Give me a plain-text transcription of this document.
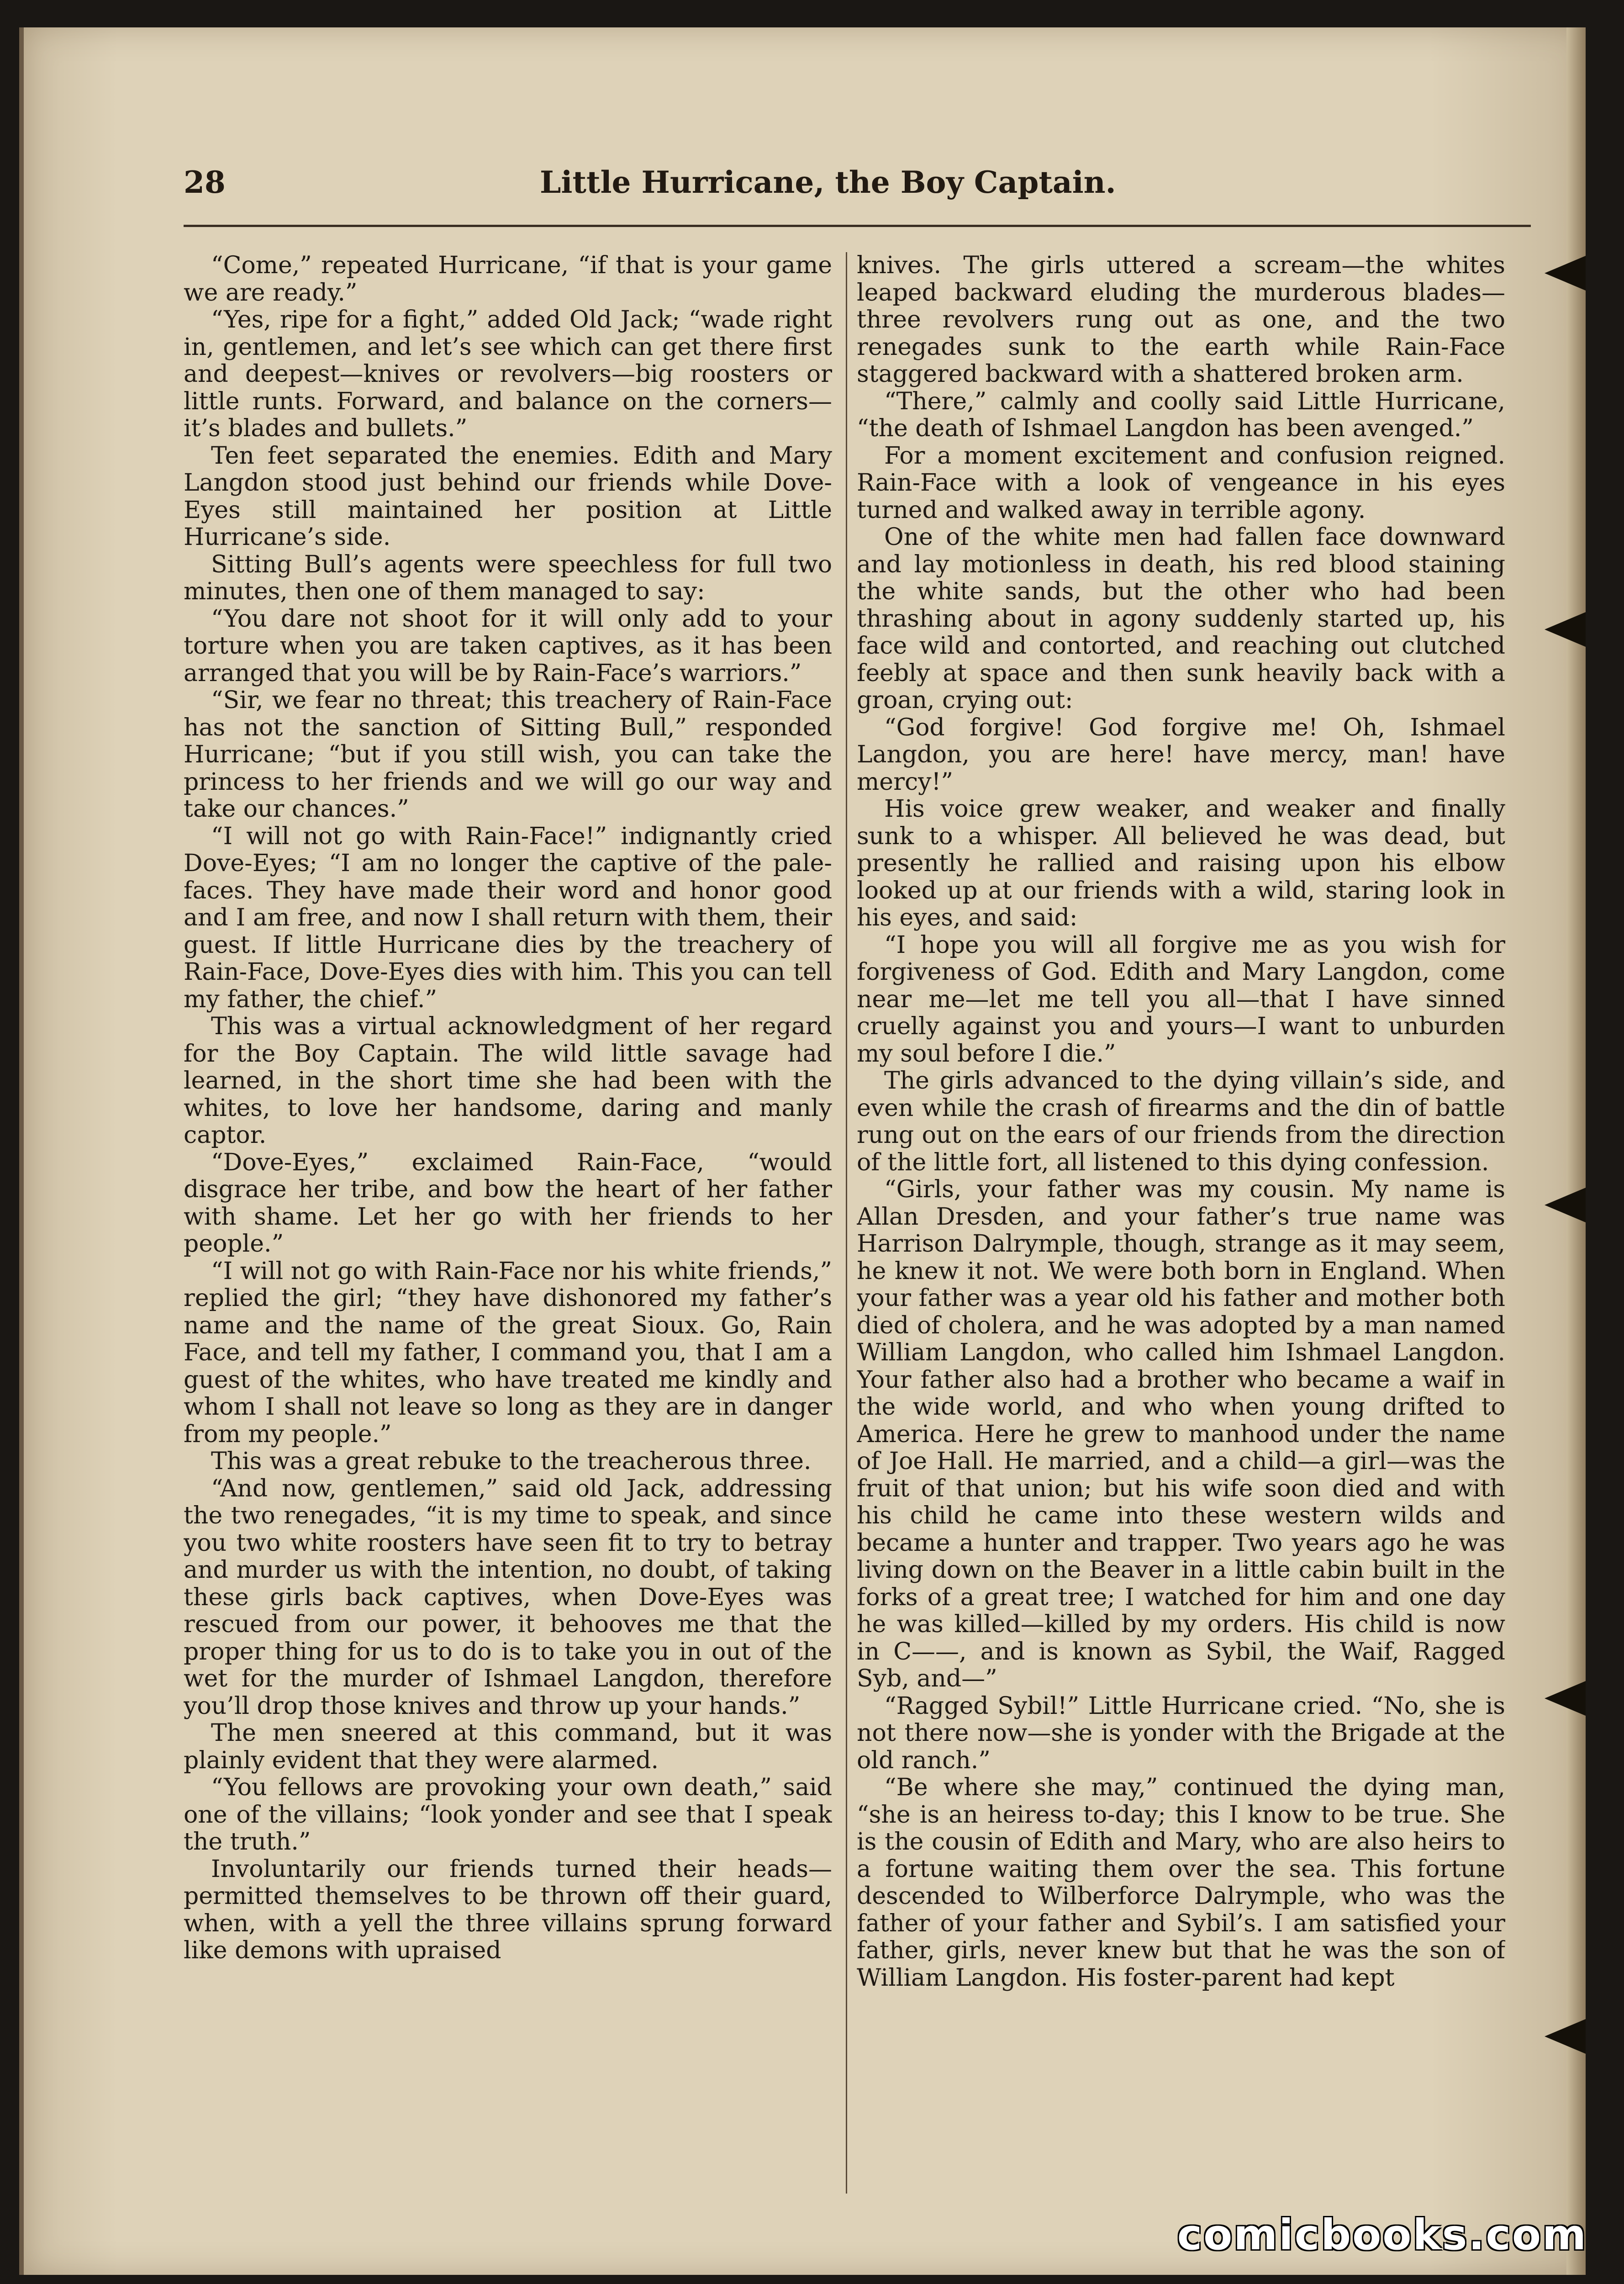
28	Little Hurricane, the Boy Captain.

“Come,” repeated Hurricane, “if that is your game we are ready.”

“Yes, ripe for a fight,” added Old Jack; “wade right in, gentlemen, and let’s see which can get there first and deepest—knives or revolvers—big roosters or little runts. Forward, and balance on the corners—it’s blades and bullets.”

Ten feet separated the enemies. Edith and Mary Langdon stood just behind our friends while Dove-Eyes still maintained her position at Little Hurricane’s side.

Sitting Bull’s agents were speechless for full two minutes, then one of them managed to say:

“You dare not shoot for it will only add to your torture when you are taken captives, as it has been arranged that you will be by Rain-Face’s warriors.”

“Sir, we fear no threat; this treachery of Rain-Face has not the sanction of Sitting Bull,” responded Hurricane; “but if you still wish, you can take the princess to her friends and we will go our way and take our chances.”

“I will not go with Rain-Face!” indignantly cried Dove-Eyes; “I am no longer the captive of the pale-faces. They have made their word and honor good and I am free, and now I shall return with them, their guest. If little Hurricane dies by the treachery of Rain-Face, Dove-Eyes dies with him. This you can tell my father, the chief.”

This was a virtual acknowledgment of her regard for the Boy Captain. The wild little savage had learned, in the short time she had been with the whites, to love her handsome, daring and manly captor.

“Dove-Eyes,” exclaimed Rain-Face, “would disgrace her tribe, and bow the heart of her father with shame. Let her go with her friends to her people.”

“I will not go with Rain-Face nor his white friends,” replied the girl; “they have dishonored my father’s name and the name of the great Sioux. Go, Rain Face, and tell my father, I command you, that I am a guest of the whites, who have treated me kindly and whom I shall not leave so long as they are in danger from my people.”

This was a great rebuke to the treacherous three.

“And now, gentlemen,” said old Jack, addressing the two renegades, “it is my time to speak, and since you two white roosters have seen fit to try to betray and murder us with the intention, no doubt, of taking these girls back captives, when Dove-Eyes was rescued from our power, it behooves me that the proper thing for us to do is to take you in out of the wet for the murder of Ishmael Langdon, therefore you’ll drop those knives and throw up your hands.”

The men sneered at this command, but it was plainly evident that they were alarmed.

“You fellows are provoking your own death,” said one of the villains; “look yonder and see that I speak the truth.”

Involuntarily our friends turned their heads—permitted themselves to be thrown off their guard, when, with a yell the three villains sprung forward like demons with upraised

knives. The girls uttered a scream—the whites leaped backward eluding the murderous blades—three revolvers rung out as one, and the two renegades sunk to the earth while Rain-Face staggered backward with a shattered broken arm.

“There,” calmly and coolly said Little Hurricane, “the death of Ishmael Langdon has been avenged.”

For a moment excitement and confusion reigned. Rain-Face with a look of vengeance in his eyes turned and walked away in terrible agony.

One of the white men had fallen face downward and lay motionless in death, his red blood staining the white sands, but the other who had been thrashing about in agony suddenly started up, his face wild and contorted, and reaching out clutched feebly at space and then sunk heavily back with a groan, crying out:

“God forgive! God forgive me! Oh, Ishmael Langdon, you are here! have mercy, man! have mercy!”

His voice grew weaker, and weaker and finally sunk to a whisper. All believed he was dead, but presently he rallied and raising upon his elbow looked up at our friends with a wild, staring look in his eyes, and said:

“I hope you will all forgive me as you wish for forgiveness of God. Edith and Mary Langdon, come near me—let me tell you all—that I have sinned cruelly against you and yours—I want to unburden my soul before I die.”

The girls advanced to the dying villain’s side, and even while the crash of firearms and the din of battle rung out on the ears of our friends from the direction of the little fort, all listened to this dying confession.

“Girls, your father was my cousin. My name is Allan Dresden, and your father’s true name was Harrison Dalrymple, though, strange as it may seem, he knew it not. We were both born in England. When your father was a year old his father and mother both died of cholera, and he was adopted by a man named William Langdon, who called him Ishmael Langdon. Your father also had a brother who became a waif in the wide world, and who when young drifted to America. Here he grew to manhood under the name of Joe Hall. He married, and a child—a girl—was the fruit of that union; but his wife soon died and with his child he came into these western wilds and became a hunter and trapper. Two years ago he was living down on the Beaver in a little cabin built in the forks of a great tree; I watched for him and one day he was killed—killed by my orders. His child is now in C——, and is known as Sybil, the Waif, Ragged Syb, and—”

“Ragged Sybil!” Little Hurricane cried. “No, she is not there now—she is yonder with the Brigade at the old ranch.”

“Be where she may,” continued the dying man, “she is an heiress to-day; this I know to be true. She is the cousin of Edith and Mary, who are also heirs to a fortune waiting them over the sea. This fortune descended to Wilberforce Dalrymple, who was the father of your father and Sybil’s. I am satisfied your father, girls, never knew but that he was the son of William Langdon. His foster-parent had kept

comicbooks.com
